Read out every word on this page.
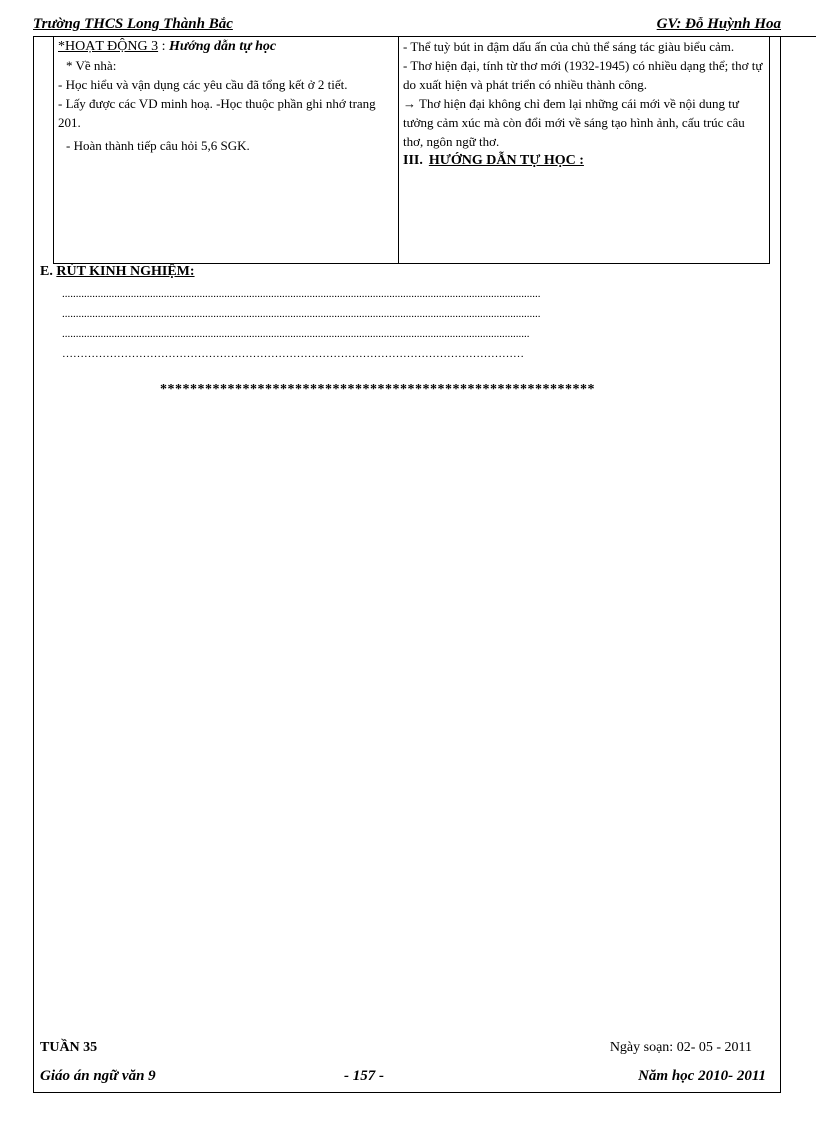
Trường THCS Long Thành Bắc	GV: Đỗ Huỳnh Hoa
*HOẠT ĐỘNG 3 : Hướng dẫn tự học
* Về nhà:
- Học hiểu và vận dụng các yêu cầu đã tổng kết ở 2 tiết.
- Lấy được các VD minh hoạ. -Học thuộc phần ghi nhớ trang 201.
- Hoàn thành tiếp câu hỏi 5,6 SGK.

- Thể tuỳ bút in đậm dấu ấn của chủ thể sáng tác giàu biểu cảm.
- Thơ hiện đại, tính từ thơ mới (1932-1945) có nhiều dạng thể; thơ tự do xuất hiện và phát triển có nhiều thành công.
→ Thơ hiện đại không chỉ đem lại những cái mới về nội dung tư tưởng cảm xúc mà còn đổi mới về sáng tạo hình ảnh, cấu trúc câu thơ, ngôn ngữ thơ.
III. HƯỚNG DẪN TỰ HỌC :
E. RÚT KINH NGHIỆM:
..............................................................................................................................................................................
..............................................................................................................................................................................
..........................................................................................................................................................................
………………………………………………………………………………………………………………
**********************************************************
TUẦN 35	Ngày soạn: 02- 05 - 2011
Giáo án ngữ văn 9	- 157 -	Năm học 2010- 2011
